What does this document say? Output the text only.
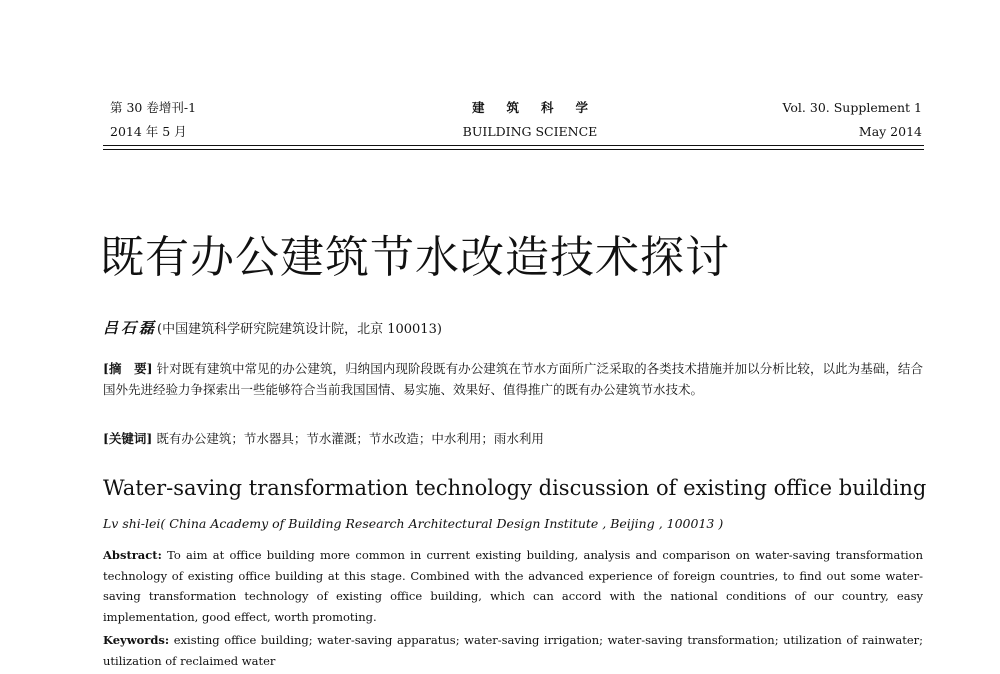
第 30 卷增刊-1
2014 年 5 月
建筑科学
BUILDING SCIENCE
Vol. 30. Supplement 1
May 2014
既有办公建筑节水改造技术探讨
吕石磊(中国建筑科学研究院建筑设计院，北京 100013)

[摘　要] 针对既有建筑中常见的办公建筑，归纳国内现阶段既有办公建筑在节水方面所广泛采取的各类技术措施并加以分析比较，以此为基础，结合国外先进经验力争探索出一些能够符合当前我国国情、易实施、效果好、值得推广的既有办公建筑节水技术。

[关键词] 既有办公建筑；节水器具；节水灌溉；节水改造；中水利用；雨水利用

Water-saving transformation technology discussion of existing office building
Lv shi-lei( China Academy of Building Research Architectural Design Institute , Beijing , 100013 )

Abstract: To aim at office building more common in current existing building, analysis and comparison on water-saving transformation technology of existing office building at this stage. Combined with the advanced experience of foreign countries, to find out some water-saving transformation technology of existing office building, which can accord with the national conditions of our country, easy implementation, good effect, worth promoting.

Keywords: existing office building; water-saving apparatus; water-saving irrigation; water-saving transformation; utilization of rainwater; utilization of reclaimed water
